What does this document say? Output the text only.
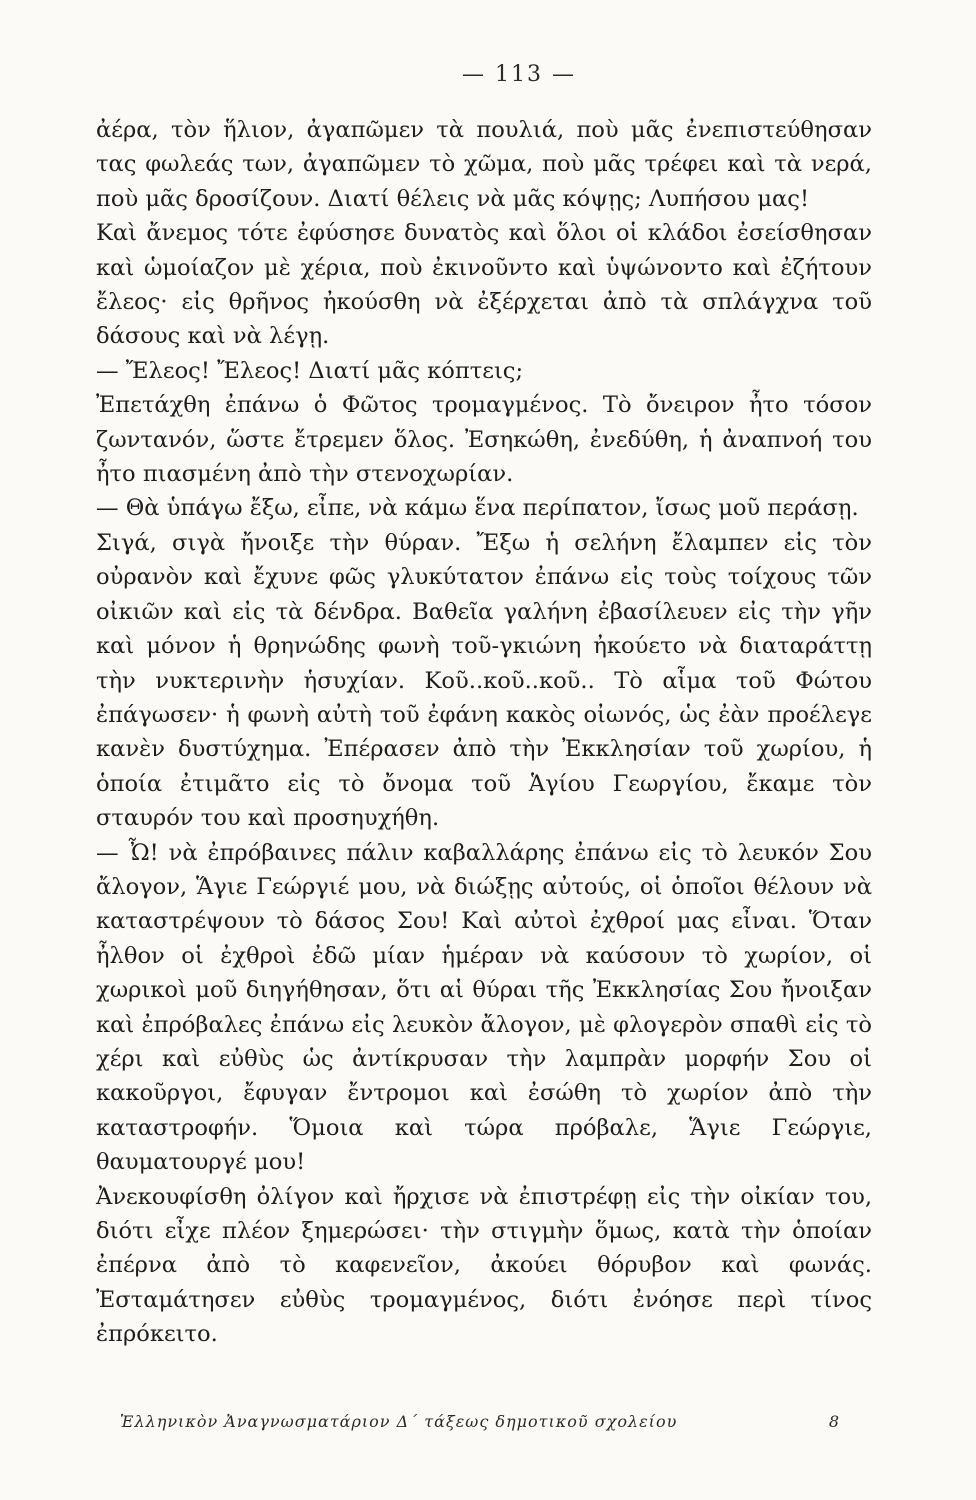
— 113 —

ἀέρα, τὸν ἥλιον, ἀγαπῶμεν τὰ πουλιά, ποὺ μᾶς ἐνεπιστεύθησαν τας φωλεάς των, ἀγαπῶμεν τὸ χῶμα, ποὺ μᾶς τρέφει καὶ τὰ νερά, ποὺ μᾶς δροσίζουν. Διατί θέλεις νὰ μᾶς κόψῃς; Λυπήσου μας!

Καὶ ἄνεμος τότε ἐφύσησε δυνατὸς καὶ ὅλοι οἱ κλάδοι ἐσείσθησαν καὶ ὡμοίαζον μὲ χέρια, ποὺ ἐκινοῦντο καὶ ὑψώνοντο καὶ ἐζήτουν ἔλεος· εἰς θρῆνος ἠκούσθη νὰ ἐξέρχεται ἀπὸ τὰ σπλάγχνα τοῦ δάσους καὶ νὰ λέγῃ.

— Ἔλεος! Ἔλεος! Διατί μᾶς κόπτεις;

Ἐπετάχθη ἐπάνω ὁ Φῶτος τρομαγμένος. Τὸ ὄνειρον ἦτο τόσον ζωντανόν, ὥστε ἔτρεμεν ὅλος. Ἐσηκώθη, ἐνεδύθη, ἡ ἀναπνοή του ἦτο πιασμένη ἀπὸ τὴν στενοχωρίαν.

— Θὰ ὑπάγω ἔξω, εἶπε, νὰ κάμω ἕνα περίπατον, ἴσως μοῦ περάσῃ.

Σιγά, σιγὰ ἤνοιξε τὴν θύραν. Ἔξω ἡ σελήνη ἔλαμπεν εἰς τὸν οὐρανὸν καὶ ἔχυνε φῶς γλυκύτατον ἐπάνω εἰς τοὺς τοίχους τῶν οἰκιῶν καὶ εἰς τὰ δένδρα. Βαθεῖα γαλήνη ἐβασίλευεν εἰς τὴν γῆν καὶ μόνον ἡ θρηνώδης φωνὴ τοῦ-γκιώνη ἠκούετο νὰ διαταράττῃ τὴν νυκτερινὴν ἡσυχίαν. Κοῦ..κοῦ..κοῦ.. Τὸ αἷμα τοῦ Φώτου ἐπάγωσεν· ἡ φωνὴ αὐτὴ τοῦ ἐφάνη κακὸς οἰωνός, ὡς ἐὰν προέλεγε κανὲν δυστύχημα. Ἐπέρασεν ἀπὸ τὴν Ἐκκλησίαν τοῦ χωρίου, ἡ ὁποία ἐτιμᾶτο εἰς τὸ ὄνομα τοῦ Ἁγίου Γεωργίου, ἔκαμε τὸν σταυρόν του καὶ προσηυχήθη.

— Ὦ! νὰ ἐπρόβαινες πάλιν καβαλλάρης ἐπάνω εἰς τὸ λευκόν Σου ἄλογον, Ἅγιε Γεώργιέ μου, νὰ διώξῃς αὐτούς, οἱ ὁποῖοι θέλουν νὰ καταστρέψουν τὸ δάσος Σου! Καὶ αὐτοὶ ἐχθροί μας εἶναι. Ὅταν ἦλθον οἱ ἐχθροὶ ἐδῶ μίαν ἡμέραν νὰ καύσουν τὸ χωρίον, οἱ χωρικοὶ μοῦ διηγήθησαν, ὅτι αἱ θύραι τῆς Ἐκκλησίας Σου ἤνοιξαν καὶ ἐπρόβαλες ἐπάνω εἰς λευκὸν ἄλογον, μὲ φλογερὸν σπαθὶ εἰς τὸ χέρι καὶ εὐθὺς ὡς ἀντίκρυσαν τὴν λαμπρὰν μορφήν Σου οἱ κακοῦργοι, ἔφυγαν ἔντρομοι καὶ ἐσώθη τὸ χωρίον ἀπὸ τὴν καταστροφήν. Ὅμοια καὶ τώρα πρόβαλε, Ἅγιε Γεώργιε, θαυματουργέ μου!

Ἀνεκουφίσθη ὀλίγον καὶ ἤρχισε νὰ ἐπιστρέφῃ εἰς τὴν οἰκίαν του, διότι εἶχε πλέον ξημερώσει· τὴν στιγμὴν ὅμως, κατὰ τὴν ὁποίαν ἐπέρνα ἀπὸ τὸ καφενεῖον, ἀκούει θόρυβον καὶ φωνάς. Ἐσταμάτησεν εὐθὺς τρομαγμένος, διότι ἐνόησε περὶ τίνος ἐπρόκειτο.

Ἑλληνικὸν Ἀναγνωσματάριον Δ΄ τάξεως δημοτικοῦ σχολείου	8
